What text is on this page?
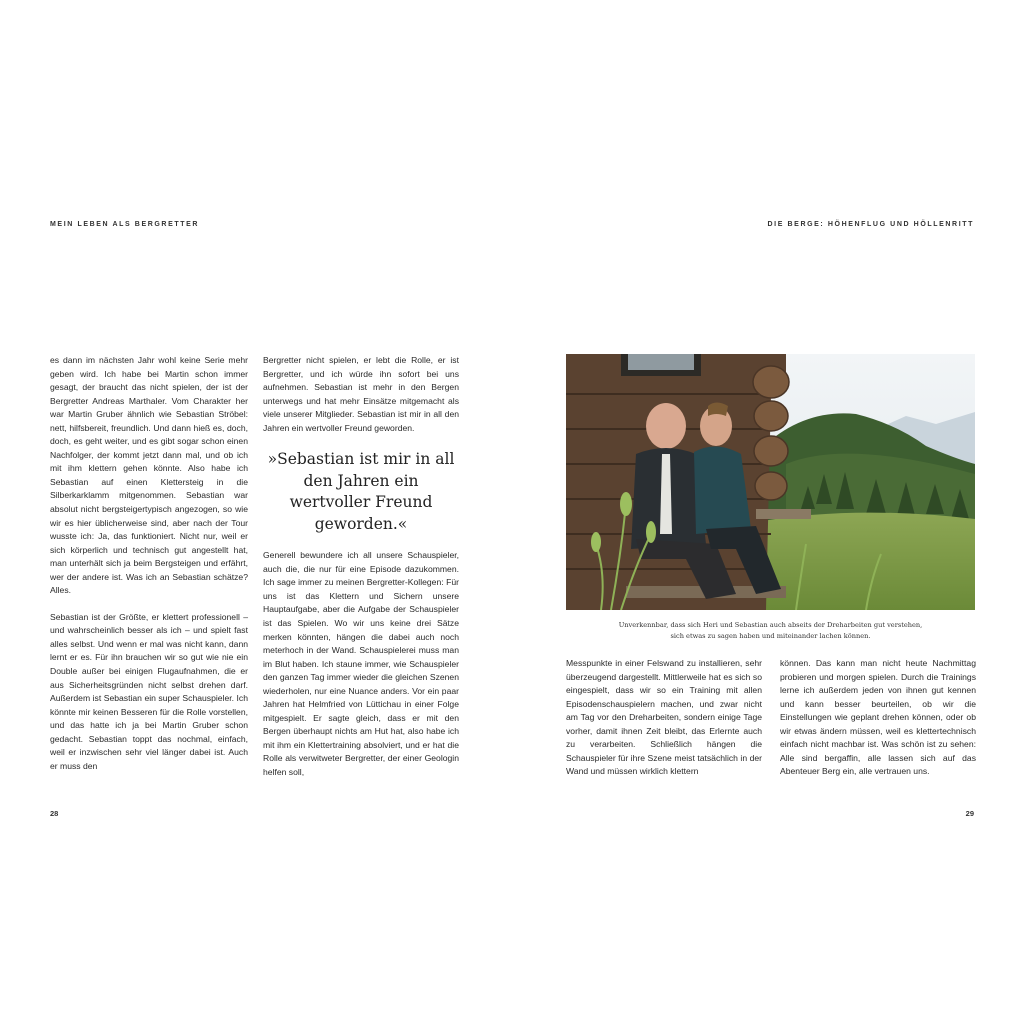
MEIN LEBEN ALS BERGRETTER	DIE BERGE: HÖHENFLUG UND HÖLLENRITT

es dann im nächsten Jahr wohl keine Serie mehr geben wird. Ich habe bei Martin schon immer gesagt, der braucht das nicht spielen, der ist der Bergretter Andreas Marthaler. Vom Charakter her war Martin Gruber ähnlich wie Sebastian Ströbel: nett, hilfsbereit, freundlich. Und dann hieß es, doch, doch, es geht weiter, und es gibt sogar schon einen Nachfolger, der kommt jetzt dann mal, und ob ich mit ihm klettern gehen könnte. Also habe ich Sebastian auf einen Klettersteig in die Silberkarklamm mitgenommen. Sebastian war absolut nicht bergsteigertypisch angezogen, so wie wir es hier üblicherweise sind, aber nach der Tour wusste ich: Ja, das funktioniert. Nicht nur, weil er sich körperlich und technisch gut angestellt hat, man unterhält sich ja beim Bergsteigen und erfährt, wer der andere ist. Was ich an Sebastian schätze? Alles.

Sebastian ist der Größte, er klettert professionell – und wahrscheinlich besser als ich – und spielt fast alles selbst. Und wenn er mal was nicht kann, dann lernt er es. Für ihn brauchen wir so gut wie nie ein Double außer bei einigen Flugaufnahmen, die er aus Sicherheitsgründen nicht selbst drehen darf. Außerdem ist Sebastian ein super Schauspieler. Ich könnte mir keinen Besseren für die Rolle vorstellen, und das hatte ich ja bei Martin Gruber schon gedacht. Sebastian toppt das nochmal, einfach, weil er inzwischen sehr viel länger dabei ist. Auch er muss den

Bergretter nicht spielen, er lebt die Rolle, er ist Bergretter, und ich würde ihn sofort bei uns aufnehmen. Sebastian ist mehr in den Bergen unterwegs und hat mehr Einsätze mitgemacht als viele unserer Mitglieder. Sebastian ist mir in all den Jahren ein wertvoller Freund geworden.

»Sebastian ist mir in all den Jahren ein wertvoller Freund geworden.«

Generell bewundere ich all unsere Schauspieler, auch die, die nur für eine Episode dazukommen. Ich sage immer zu meinen Bergretter-Kollegen: Für uns ist das Klettern und Sichern unsere Hauptaufgabe, aber die Aufgabe der Schauspieler ist das Spielen. Wo wir uns keine drei Sätze merken könnten, hängen die dabei auch noch meterhoch in der Wand. Schauspielerei muss man im Blut haben. Ich staune immer, wie Schauspieler den ganzen Tag immer wieder die gleichen Szenen wiederholen, nur eine Nuance anders. Vor ein paar Jahren hat Helmfried von Lüttichau in einer Folge mitgespielt. Er sagte gleich, dass er mit den Bergen überhaupt nichts am Hut hat, also habe ich mit ihm ein Klettertraining absolviert, und er hat die Rolle als verwitweter Bergretter, der einer Geologin helfen soll,

28
Unverkennbar, dass sich Heri und Sebastian auch abseits der Dreharbeiten gut verstehen,
sich etwas zu sagen haben und miteinander lachen können.

Messpunkte in einer Felswand zu installieren, sehr überzeugend dargestellt. Mittlerweile hat es sich so eingespielt, dass wir so ein Training mit allen Episodenschauspielern machen, und zwar nicht am Tag vor den Dreharbeiten, sondern einige Tage vorher, damit ihnen Zeit bleibt, das Erlernte auch zu verarbeiten. Schließlich hängen die Schauspieler für ihre Szene meist tatsächlich in der Wand und müssen wirklich klettern

können. Das kann man nicht heute Nachmittag probieren und morgen spielen. Durch die Trainings lerne ich außerdem jeden von ihnen gut kennen und kann besser beurteilen, ob wir die Einstellungen wie geplant drehen können, oder ob wir etwas ändern müssen, weil es klettertechnisch einfach nicht machbar ist. Was schön ist zu sehen: Alle sind bergaffin, alle lassen sich auf das Abenteuer Berg ein, alle vertrauen uns.

29
